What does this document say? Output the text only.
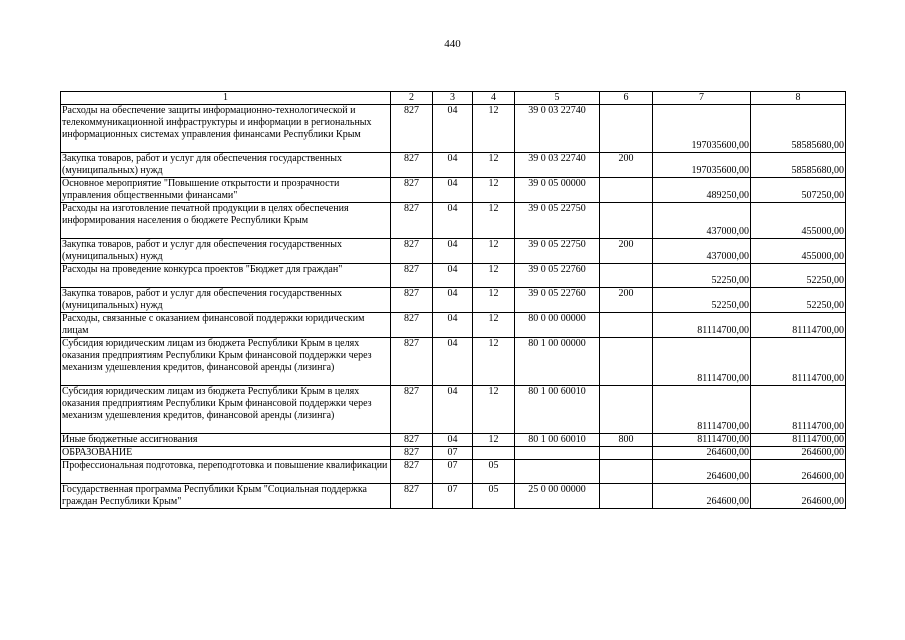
440
1	2	3	4	5	6	7	8
Расходы на обеспечение защиты информационно-технологической и телекоммуникационной инфраструктуры и информации в региональных информационных системах управления финансами Республики Крым	827	04	12	39 0 03 22740		197035600,00	58585680,00
Закупка товаров, работ и услуг для обеспечения государственных (муниципальных) нужд	827	04	12	39 0 03 22740	200	197035600,00	58585680,00
Основное мероприятие "Повышение открытости и прозрачности управления общественными финансами"	827	04	12	39 0 05 00000		489250,00	507250,00
Расходы на изготовление печатной продукции в целях обеспечения информирования населения о бюджете Республики Крым	827	04	12	39 0 05 22750		437000,00	455000,00
Закупка товаров, работ и услуг для обеспечения государственных (муниципальных) нужд	827	04	12	39 0 05 22750	200	437000,00	455000,00
Расходы на проведение конкурса проектов "Бюджет для граждан"	827	04	12	39 0 05 22760		52250,00	52250,00
Закупка товаров, работ и услуг для обеспечения государственных (муниципальных) нужд	827	04	12	39 0 05 22760	200	52250,00	52250,00
Расходы, связанные с оказанием финансовой поддержки юридическим лицам	827	04	12	80 0 00 00000		81114700,00	81114700,00
Субсидия юридическим лицам из бюджета Республики Крым в целях оказания предприятиям Республики Крым финансовой поддержки через механизм удешевления кредитов, финансовой аренды (лизинга)	827	04	12	80 1 00 00000		81114700,00	81114700,00
Субсидия юридическим лицам из бюджета Республики Крым в целях оказания предприятиям Республики Крым финансовой поддержки через механизм удешевления кредитов, финансовой аренды (лизинга)	827	04	12	80 1 00 60010		81114700,00	81114700,00
Иные бюджетные ассигнования	827	04	12	80 1 00 60010	800	81114700,00	81114700,00
ОБРАЗОВАНИЕ	827	07				264600,00	264600,00
Профессиональная подготовка, переподготовка и повышение квалификации	827	07	05			264600,00	264600,00
Государственная программа Республики Крым "Социальная поддержка граждан Республики Крым"	827	07	05	25 0 00 00000		264600,00	264600,00
